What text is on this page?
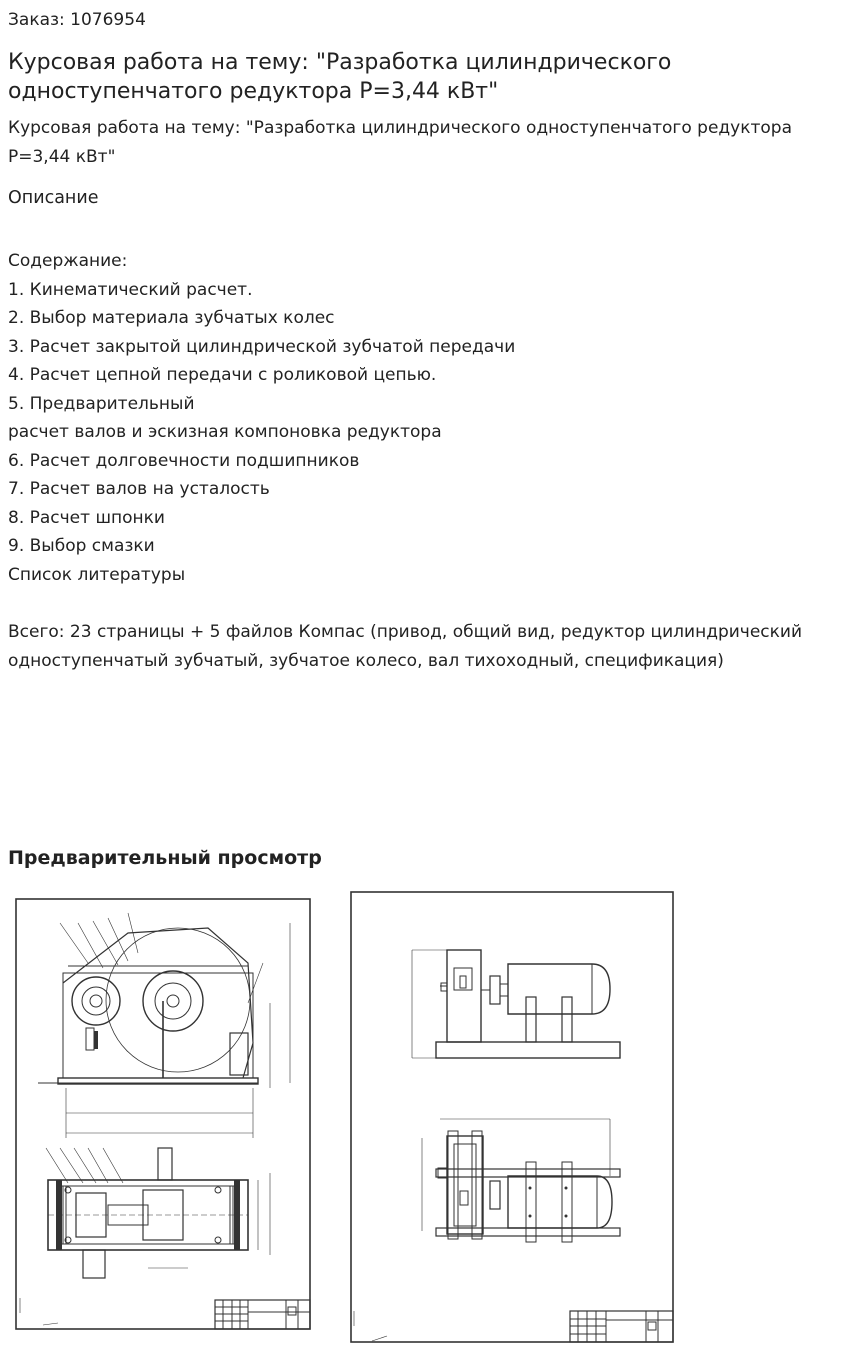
Заказ: 1076954
Курсовая работа на тему: "Разработка цилиндрического одноступенчатого редуктора Р=3,44 кВт"

Курсовая работа на тему: "Разработка цилиндрического одноступенчатого редуктора Р=3,44 кВт"

Описание
Содержание:
1. Кинематический расчет.
2. Выбор материала зубчатых колес
3. Расчет закрытой цилиндрической зубчатой передачи
4. Расчет цепной передачи с роликовой цепью.
5. Предварительный
расчет валов и эскизная компоновка редуктора
6. Расчет долговечности подшипников
7. Расчет валов на усталость
8. Расчет шпонки
9. Выбор смазки
Список литературы

Всего: 23 страницы + 5 файлов Компас (привод, общий вид, редуктор цилиндрический одноступенчатый зубчатый, зубчатое колесо, вал тихоходный, спецификация)

Предварительный просмотр
